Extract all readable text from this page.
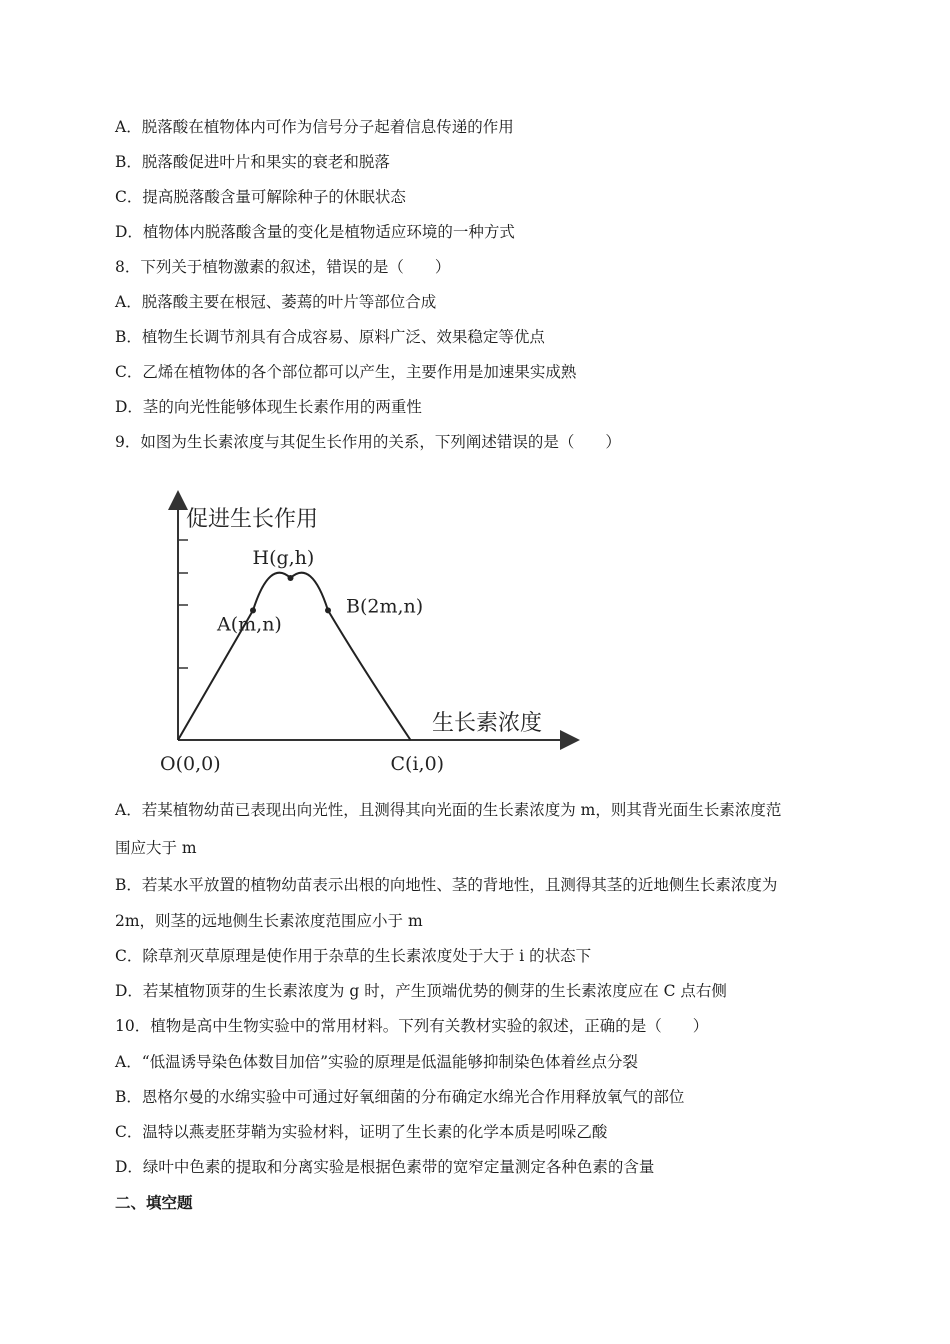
A．脱落酸在植物体内可作为信号分子起着信息传递的作用
B．脱落酸促进叶片和果实的衰老和脱落
C．提高脱落酸含量可解除种子的休眠状态
D．植物体内脱落酸含量的变化是植物适应环境的一种方式
8．下列关于植物激素的叙述，错误的是（　　）
A．脱落酸主要在根冠、萎蔫的叶片等部位合成
B．植物生长调节剂具有合成容易、原料广泛、效果稳定等优点
C．乙烯在植物体的各个部位都可以产生，主要作用是加速果实成熟
D．茎的向光性能够体现生长素作用的两重性
9．如图为生长素浓度与其促生长作用的关系，下列阐述错误的是（　　）
促进生长作用
生长素浓度
O(0,0)
A(m,n)
H(g,h)
B(2m,n)
C(i,0)
A．若某植物幼苗已表现出向光性，且测得其向光面的生长素浓度为 m，则其背光面生长素浓度范
围应大于 m
B．若某水平放置的植物幼苗表示出根的向地性、茎的背地性，且测得其茎的近地侧生长素浓度为
2m，则茎的远地侧生长素浓度范围应小于 m
C．除草剂灭草原理是使作用于杂草的生长素浓度处于大于 i 的状态下
D．若某植物顶芽的生长素浓度为 g 时，产生顶端优势的侧芽的生长素浓度应在 C 点右侧
10．植物是高中生物实验中的常用材料。下列有关教材实验的叙述，正确的是（　　）
A．“低温诱导染色体数目加倍”实验的原理是低温能够抑制染色体着丝点分裂
B．恩格尔曼的水绵实验中可通过好氧细菌的分布确定水绵光合作用释放氧气的部位
C．温特以燕麦胚芽鞘为实验材料，证明了生长素的化学本质是吲哚乙酸
D．绿叶中色素的提取和分离实验是根据色素带的宽窄定量测定各种色素的含量
二、填空题
